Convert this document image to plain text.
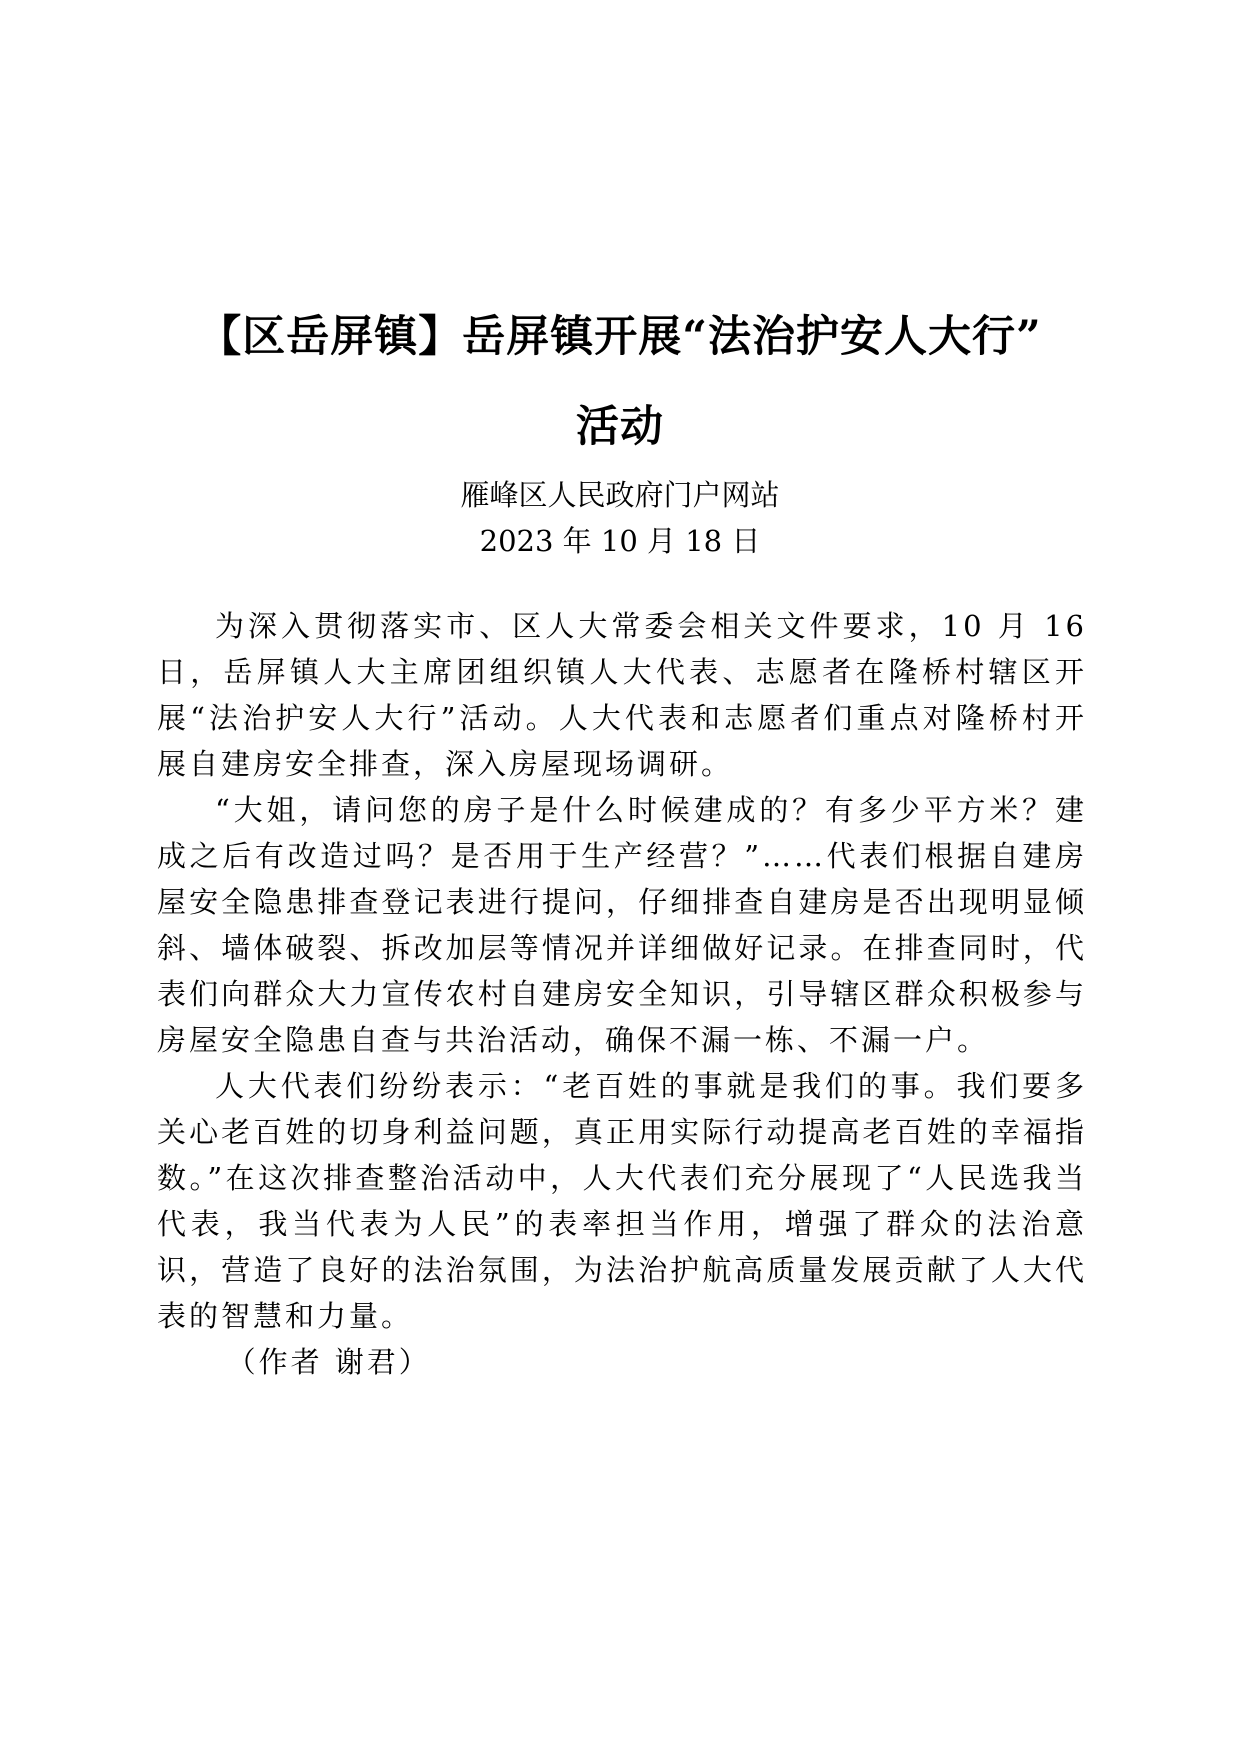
【区岳屏镇】岳屏镇开展“法治护安人大行”
活动
雁峰区人民政府门户网站
2023 年 10 月 18 日

为深入贯彻落实市、区人大常委会相关文件要求，10 月 16 日，岳屏镇人大主席团组织镇人大代表、志愿者在隆桥村辖区开展“法治护安人大行”活动。人大代表和志愿者们重点对隆桥村开展自建房安全排查，深入房屋现场调研。

“大姐，请问您的房子是什么时候建成的？有多少平方米？建成之后有改造过吗？是否用于生产经营？”……代表们根据自建房屋安全隐患排查登记表进行提问，仔细排查自建房是否出现明显倾斜、墙体破裂、拆改加层等情况并详细做好记录。在排查同时，代表们向群众大力宣传农村自建房安全知识，引导辖区群众积极参与房屋安全隐患自查与共治活动，确保不漏一栋、不漏一户。

人大代表们纷纷表示：“老百姓的事就是我们的事。我们要多关心老百姓的切身利益问题，真正用实际行动提高老百姓的幸福指数。”在这次排查整治活动中，人大代表们充分展现了“人民选我当代表，我当代表为人民”的表率担当作用，增强了群众的法治意识，营造了良好的法治氛围，为法治护航高质量发展贡献了人大代表的智慧和力量。

（作者 谢君）
